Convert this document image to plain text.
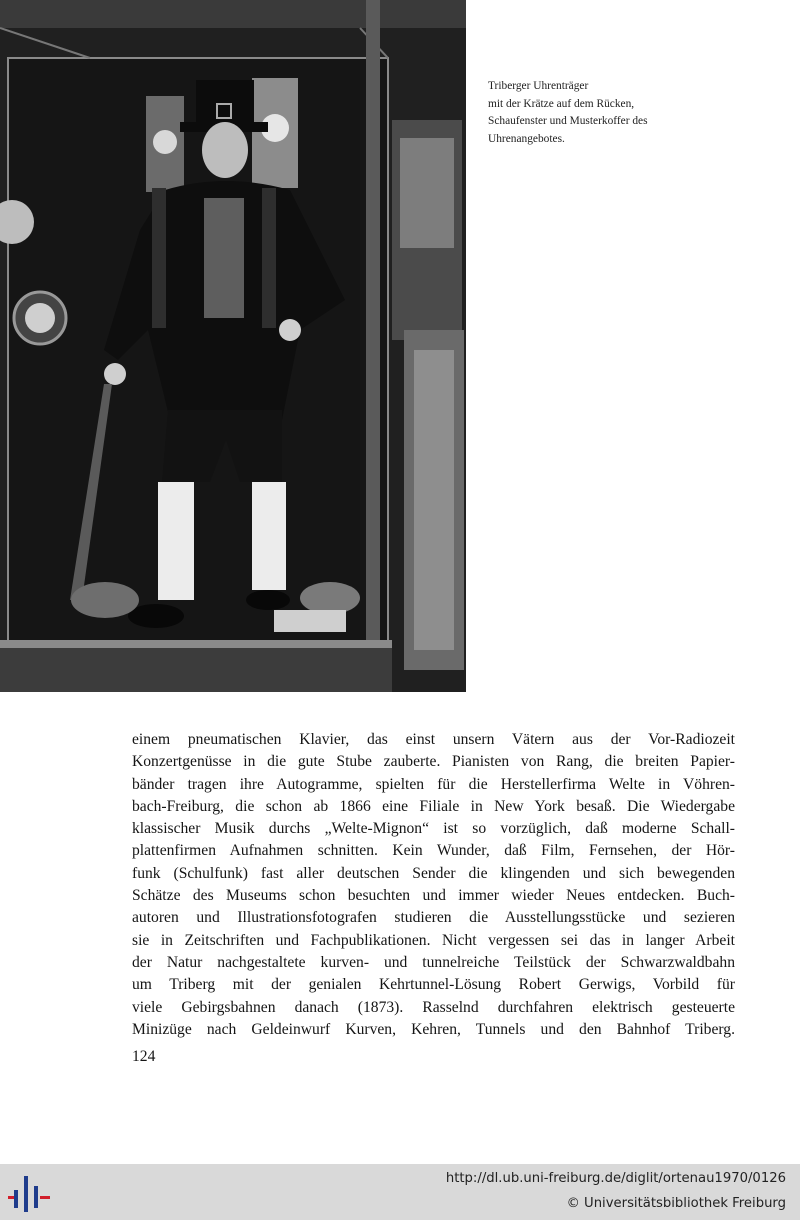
Triberger Uhrenträger
mit der Krätze auf dem Rücken,
Schaufenster und Musterkoffer des
Uhrenangebotes.
einem pneumatischen Klavier, das einst unsern Vätern aus der Vor-Radiozeit
Konzertgenüsse in die gute Stube zauberte. Pianisten von Rang, die breiten Papier-
bänder tragen ihre Autogramme, spielten für die Herstellerfirma Welte in Vöhren-
bach-Freiburg, die schon ab 1866 eine Filiale in New York besaß. Die Wiedergabe
klassischer Musik durchs „Welte-Mignon“ ist so vorzüglich, daß moderne Schall-
plattenfirmen Aufnahmen schnitten. Kein Wunder, daß Film, Fernsehen, der Hör-
funk (Schulfunk) fast aller deutschen Sender die klingenden und sich bewegenden
Schätze des Museums schon besuchten und immer wieder Neues entdecken. Buch-
autoren und Illustrationsfotografen studieren die Ausstellungsstücke und sezieren
sie in Zeitschriften und Fachpublikationen. Nicht vergessen sei das in langer Arbeit
der Natur nachgestaltete kurven- und tunnelreiche Teilstück der Schwarzwaldbahn
um Triberg mit der genialen Kehrtunnel-Lösung Robert Gerwigs, Vorbild für
viele Gebirgsbahnen danach (1873). Rasselnd durchfahren elektrisch gesteuerte
Minizüge nach Geldeinwurf Kurven, Kehren, Tunnels und den Bahnhof Triberg.
124
http://dl.ub.uni-freiburg.de/diglit/ortenau1970/0126
© Universitätsbibliothek Freiburg
